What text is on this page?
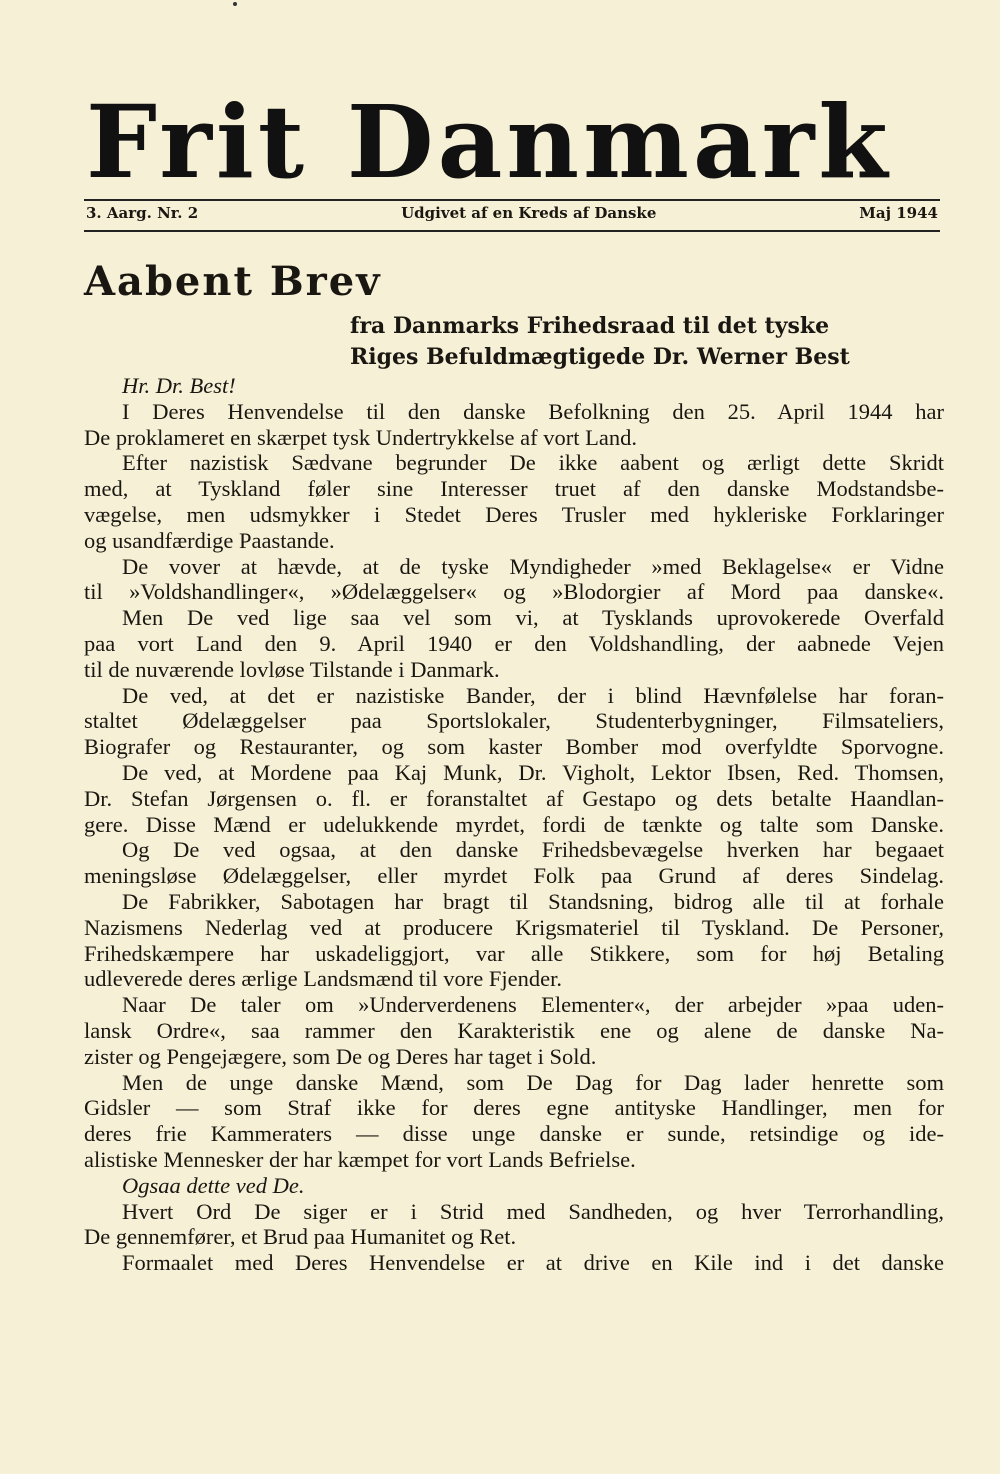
Frit Danmark
3. Aarg. Nr. 2	Udgivet af en Kreds af Danske	Maj 1944
Aabent Brev
fra Danmarks Frihedsraad til det tyske
Riges Befuldmægtigede Dr. Werner Best
Hr. Dr. Best!
I Deres Henvendelse til den danske Befolkning den 25. April 1944 har
De proklameret en skærpet tysk Undertrykkelse af vort Land.
Efter nazistisk Sædvane begrunder De ikke aabent og ærligt dette Skridt
med, at Tyskland føler sine Interesser truet af den danske Modstandsbe-
vægelse, men udsmykker i Stedet Deres Trusler med hykleriske Forklaringer
og usandfærdige Paastande.
De vover at hævde, at de tyske Myndigheder »med Beklagelse« er Vidne
til »Voldshandlinger«, »Ødelæggelser« og »Blodorgier af Mord paa danske«.
Men De ved lige saa vel som vi, at Tysklands uprovokerede Overfald
paa vort Land den 9. April 1940 er den Voldshandling, der aabnede Vejen
til de nuværende lovløse Tilstande i Danmark.
De ved, at det er nazistiske Bander, der i blind Hævnfølelse har foran-
staltet Ødelæggelser paa Sportslokaler, Studenterbygninger, Filmsateliers,
Biografer og Restauranter, og som kaster Bomber mod overfyldte Sporvogne.
De ved, at Mordene paa Kaj Munk, Dr. Vigholt, Lektor Ibsen, Red. Thomsen,
Dr. Stefan Jørgensen o. fl. er foranstaltet af Gestapo og dets betalte Haandlan-
gere. Disse Mænd er udelukkende myrdet, fordi de tænkte og talte som Danske.
Og De ved ogsaa, at den danske Frihedsbevægelse hverken har begaaet
meningsløse Ødelæggelser, eller myrdet Folk paa Grund af deres Sindelag.
De Fabrikker, Sabotagen har bragt til Standsning, bidrog alle til at forhale
Nazismens Nederlag ved at producere Krigsmateriel til Tyskland. De Personer,
Frihedskæmpere har uskadeliggjort, var alle Stikkere, som for høj Betaling
udleverede deres ærlige Landsmænd til vore Fjender.
Naar De taler om »Underverdenens Elementer«, der arbejder »paa uden-
lansk Ordre«, saa rammer den Karakteristik ene og alene de danske Na-
zister og Pengejægere, som De og Deres har taget i Sold.
Men de unge danske Mænd, som De Dag for Dag lader henrette som
Gidsler — som Straf ikke for deres egne antityske Handlinger, men for
deres frie Kammeraters — disse unge danske er sunde, retsindige og ide-
alistiske Mennesker der har kæmpet for vort Lands Befrielse.
Ogsaa dette ved De.
Hvert Ord De siger er i Strid med Sandheden, og hver Terrorhandling,
De gennemfører, et Brud paa Humanitet og Ret.
Formaalet med Deres Henvendelse er at drive en Kile ind i det danske
